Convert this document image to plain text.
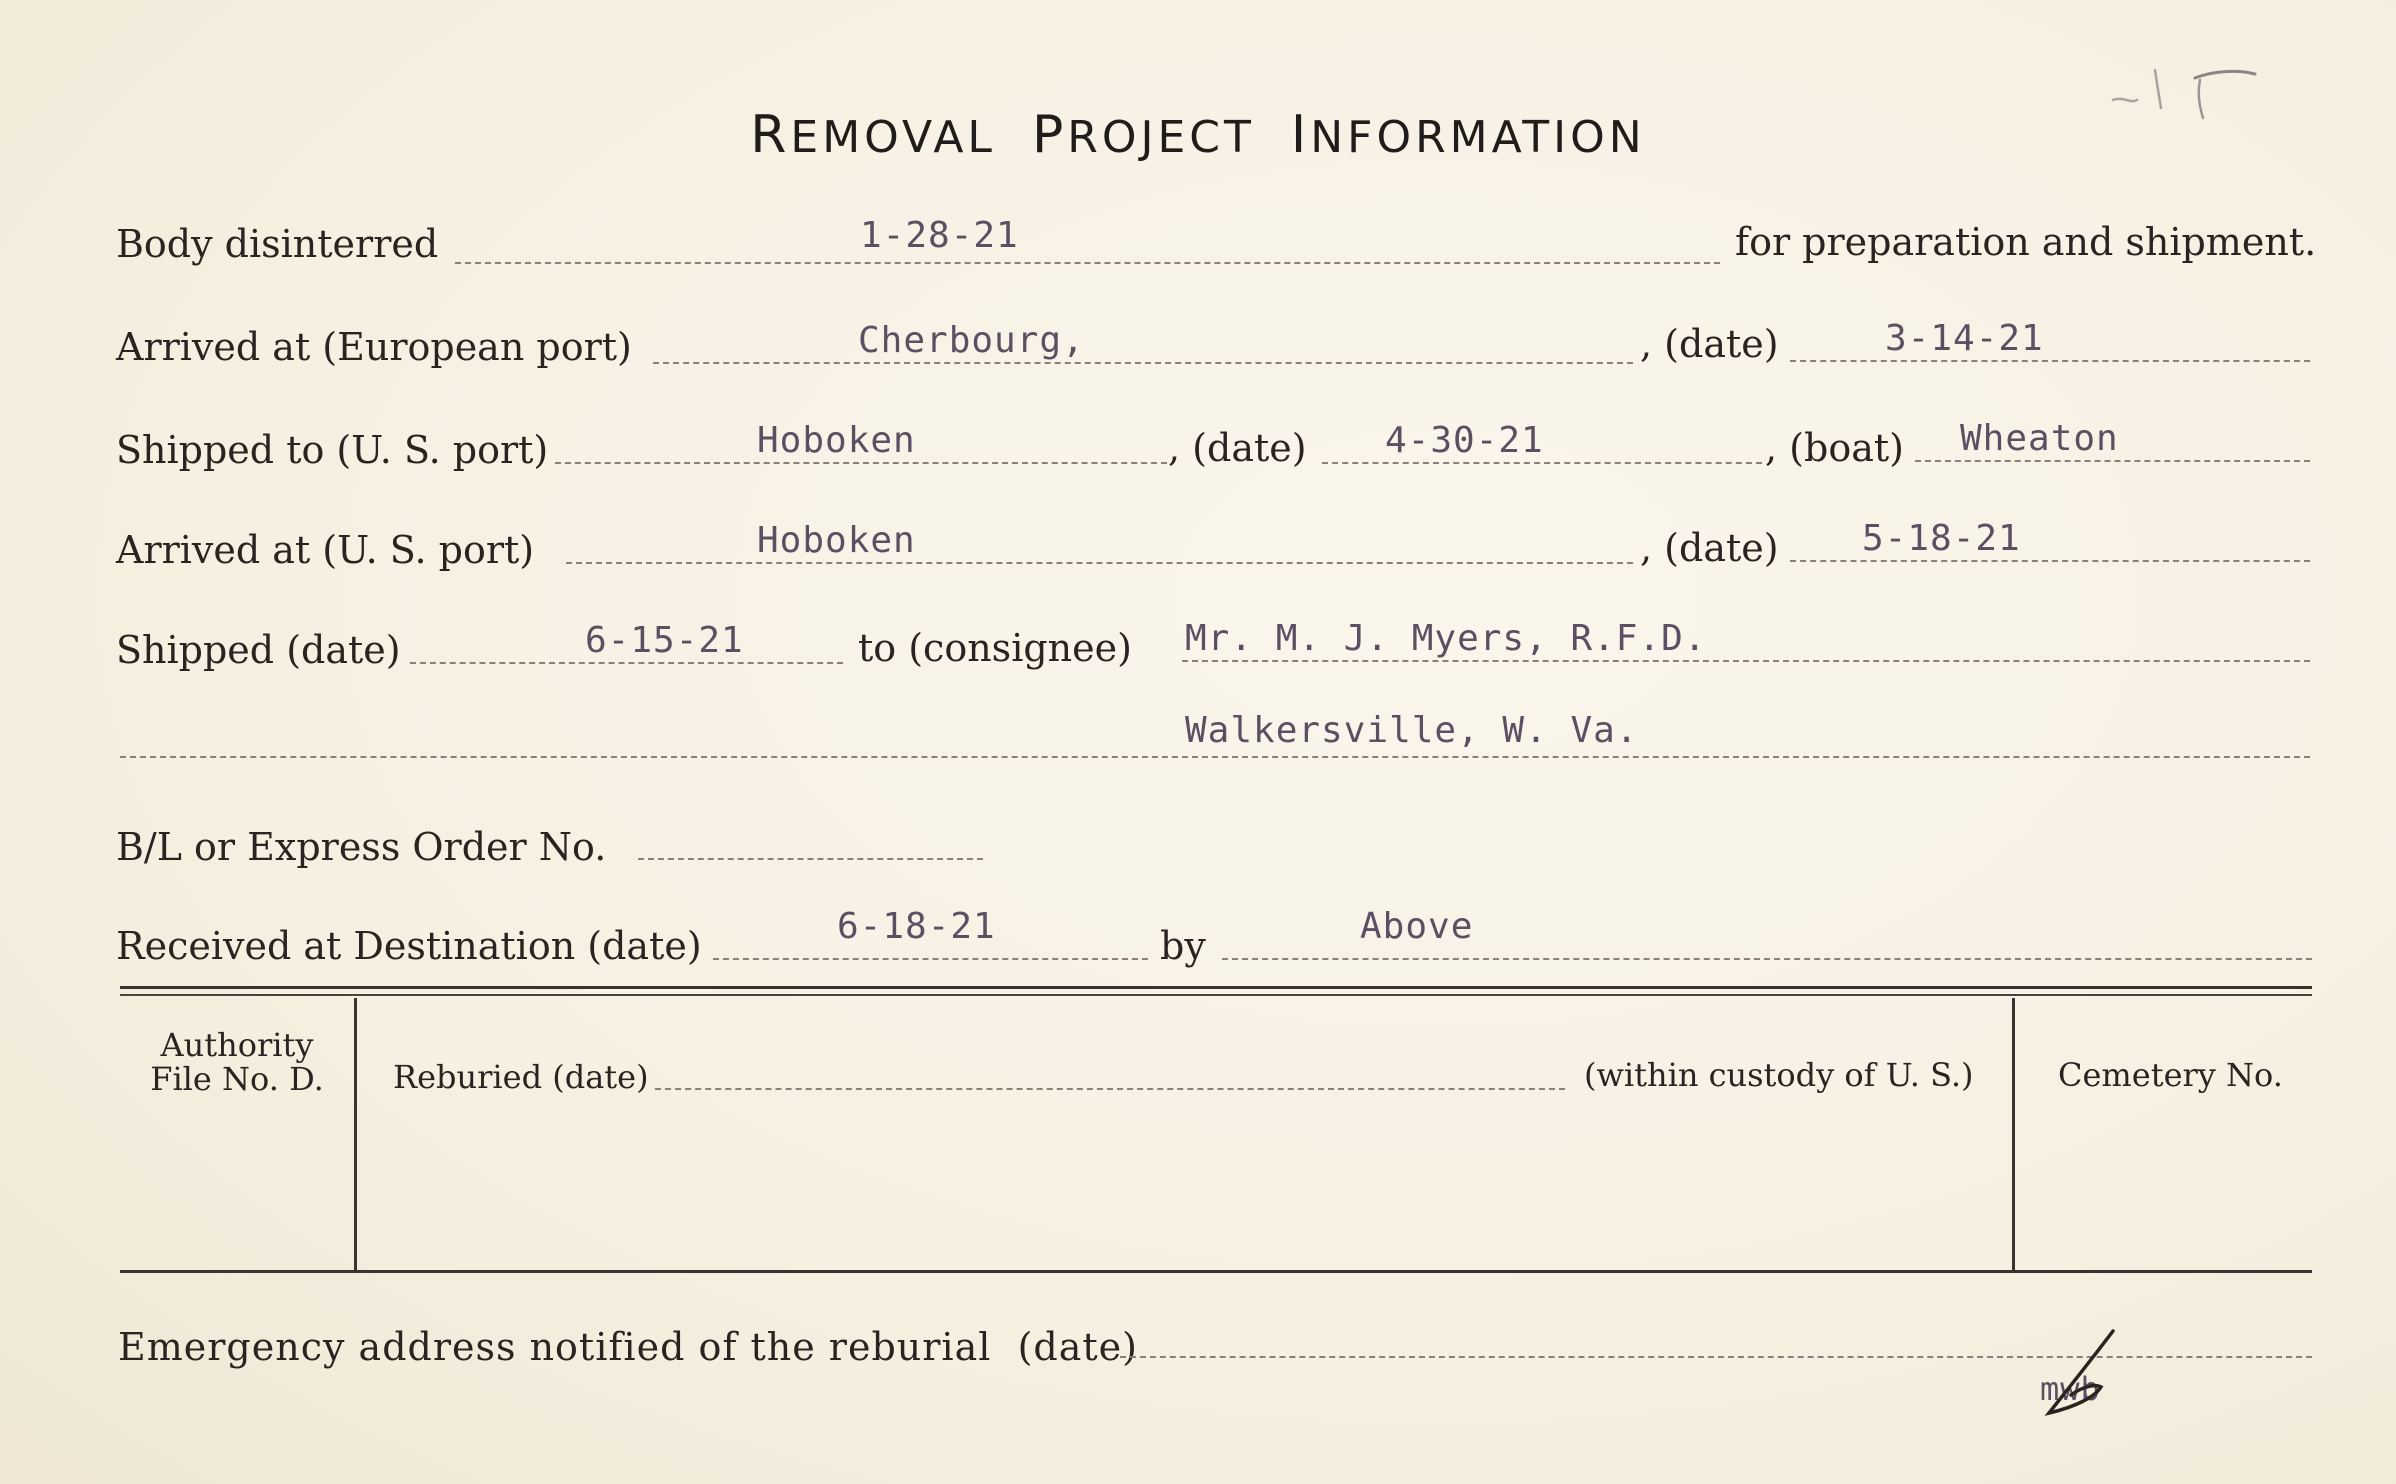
REMOVAL PROJECT INFORMATION
Body disinterred	1-28-21	for preparation and shipment.
Arrived at (European port)	Cherbourg,	, (date)	3-14-21
Shipped to (U. S. port)	Hoboken	, (date) 4-30-21	, (boat) Wheaton
Arrived at (U. S. port)	Hoboken	, (date) 5-18-21
Shipped (date)	6-15-21	to (consignee) Mr. M. J. Myers, R.F.D.
Walkersville, W. Va.
B/L or Express Order No.
Received at Destination (date)	6-18-21	by	Above
Authority
File No. D.	Reburied (date)	(within custody of U. S.)	Cemetery No.
Emergency address notified of the reburial (date)
mwb
